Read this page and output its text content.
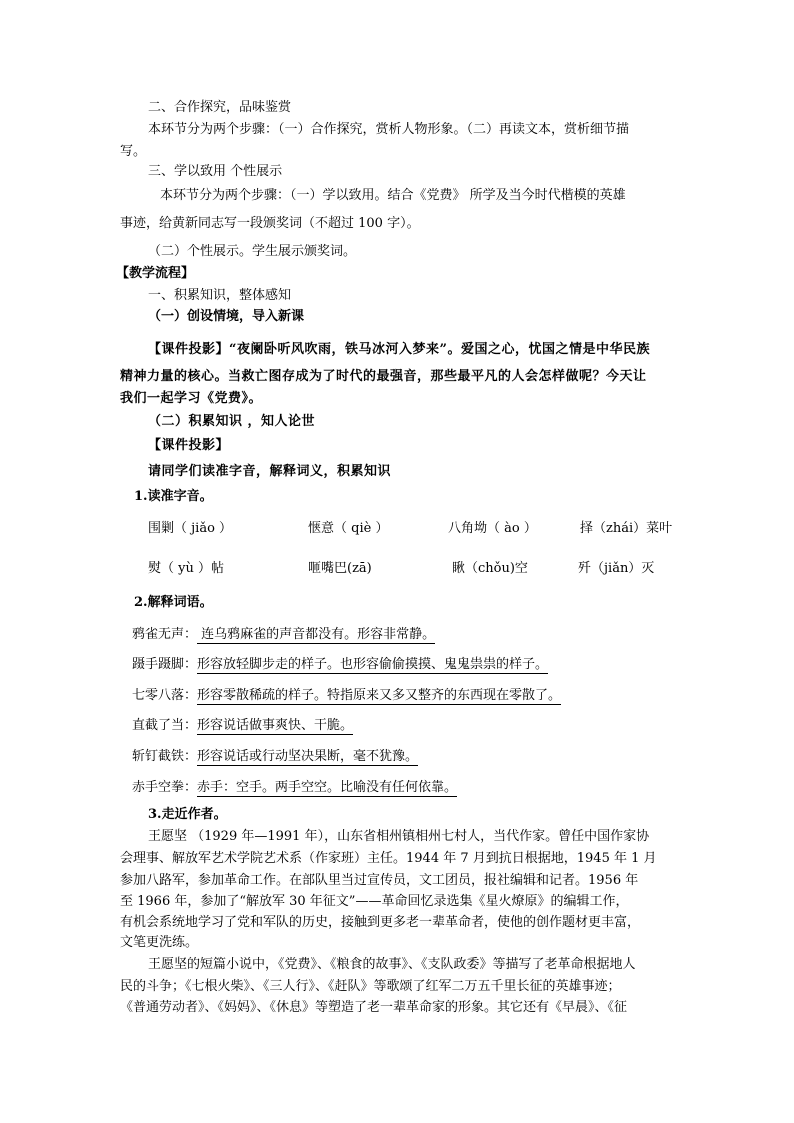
二、合作探究，品味鉴赏
本环节分为两个步骤：（一）合作探究，赏析人物形象。（二）再读文本，赏析细节描
写。
三、学以致用 个性展示
本环节分为两个步骤：（一）学以致用。结合《党费》 所学及当今时代楷模的英雄
事迹，给黄新同志写一段颁奖词（不超过 100 字）。
（二）个性展示。学生展示颁奖词。
【教学流程】
一、积累知识，整体感知
（一）创设情境，导入新课
【课件投影】“夜阑卧听风吹雨，铁马冰河入梦来”。爱国之心，忧国之情是中华民族
精神力量的核心。当救亡图存成为了时代的最强音，那些最平凡的人会怎样做呢？今天让
我们一起学习《党费》。
（二）积累知识 ，知人论世
【课件投影】
请同学们读准字音，解释词义，积累知识
1.读准字音。
围剿（ jiǎo ）	惬意（ qiè ）	八角坳（ ào ）	择（zhái）菜叶
熨（ yù ）帖	咂嘴巴(zā)	瞅（chǒu)空	歼（jiǎn）灭
2.解释词语。
鸦雀无声： 连乌鸦麻雀的声音都没有。形容非常静。
蹑手蹑脚：形容放轻脚步走的样子。也形容偷偷摸摸、鬼鬼祟祟的样子。
七零八落：形容零散稀疏的样子。特指原来又多又整齐的东西现在零散了。
直截了当：形容说话做事爽快、干脆。
斩钉截铁：形容说话或行动坚决果断，毫不犹豫。
赤手空拳：赤手：空手。两手空空。比喻没有任何依靠。
3.走近作者。
王愿坚 （1929 年—1991 年），山东省相州镇相州七村人，当代作家。曾任中国作家协
会理事、解放军艺术学院艺术系（作家班）主任。1944 年 7 月到抗日根据地，1945 年 1 月
参加八路军，参加革命工作。在部队里当过宣传员，文工团员，报社编辑和记者。1956 年
至 1966 年，参加了“解放军 30 年征文”——革命回忆录选集《星火燎原》的编辑工作，
有机会系统地学习了党和军队的历史，接触到更多老一辈革命者，使他的创作题材更丰富，
文笔更洗练。
王愿坚的短篇小说中，《党费》、《粮食的故事》、《支队政委》等描写了老革命根据地人
民的斗争；《七根火柴》、《三人行》、《赶队》等歌颂了红军二万五千里长征的英雄事迹；
《普通劳动者》、《妈妈》、《休息》等塑造了老一辈革命家的形象。其它还有《早晨》、《征
